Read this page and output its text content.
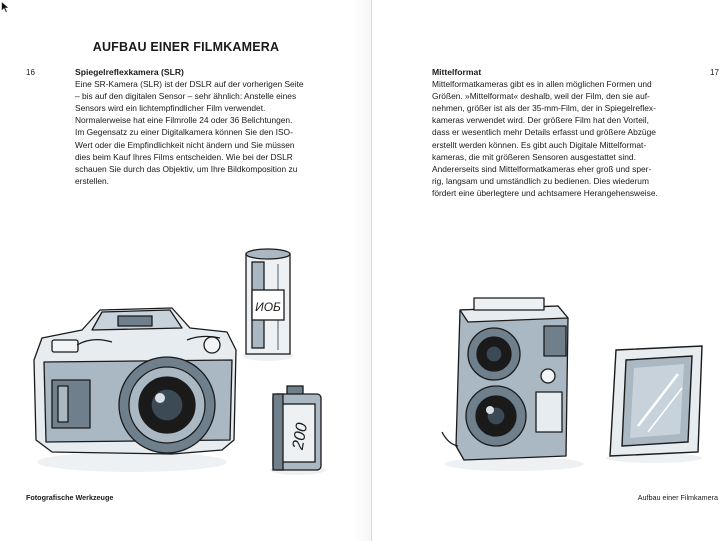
AUFBAU EINER FILMKAMERA
16	17
Spiegelreflexkamera (SLR)

Eine SR-Kamera (SLR) ist der DSLR auf der vorherigen Seite
– bis auf den digitalen Sensor – sehr ähnlich: Anstelle eines
Sensors wird ein lichtempfindlicher Film verwendet.
Normalerweise hat eine Filmrolle 24 oder 36 Belichtungen.
Im Gegensatz zu einer Digitalkamera können Sie den ISO-
Wert oder die Empfindlichkeit nicht ändern und Sie müssen
dies beim Kauf Ihres Films entscheiden. Wie bei der DSLR
schauen Sie durch das Objektiv, um Ihre Bildkomposition zu
erstellen.

Mittelformat

Mittelformatkameras gibt es in allen möglichen Formen und
Größen. »Mittelformat« deshalb, weil der Film, den sie auf-
nehmen, größer ist als der 35-mm-Film, der in Spiegelreflex-
kameras verwendet wird. Der größere Film hat den Vorteil,
dass er wesentlich mehr Details erfasst und größere Abzüge
erstellt werden können. Es gibt auch Digitale Mittelformat-
kameras, die mit größeren Sensoren ausgestattet sind.
Andererseits sind Mittelformatkameras eher groß und sper-
rig, langsam und umständlich zu bedienen. Dies wiederum
fördert eine überlegtere und achtsamere Herangehensweise.

ИОБ
200
Fotografische Werkzeuge	Aufbau einer Filmkamera
